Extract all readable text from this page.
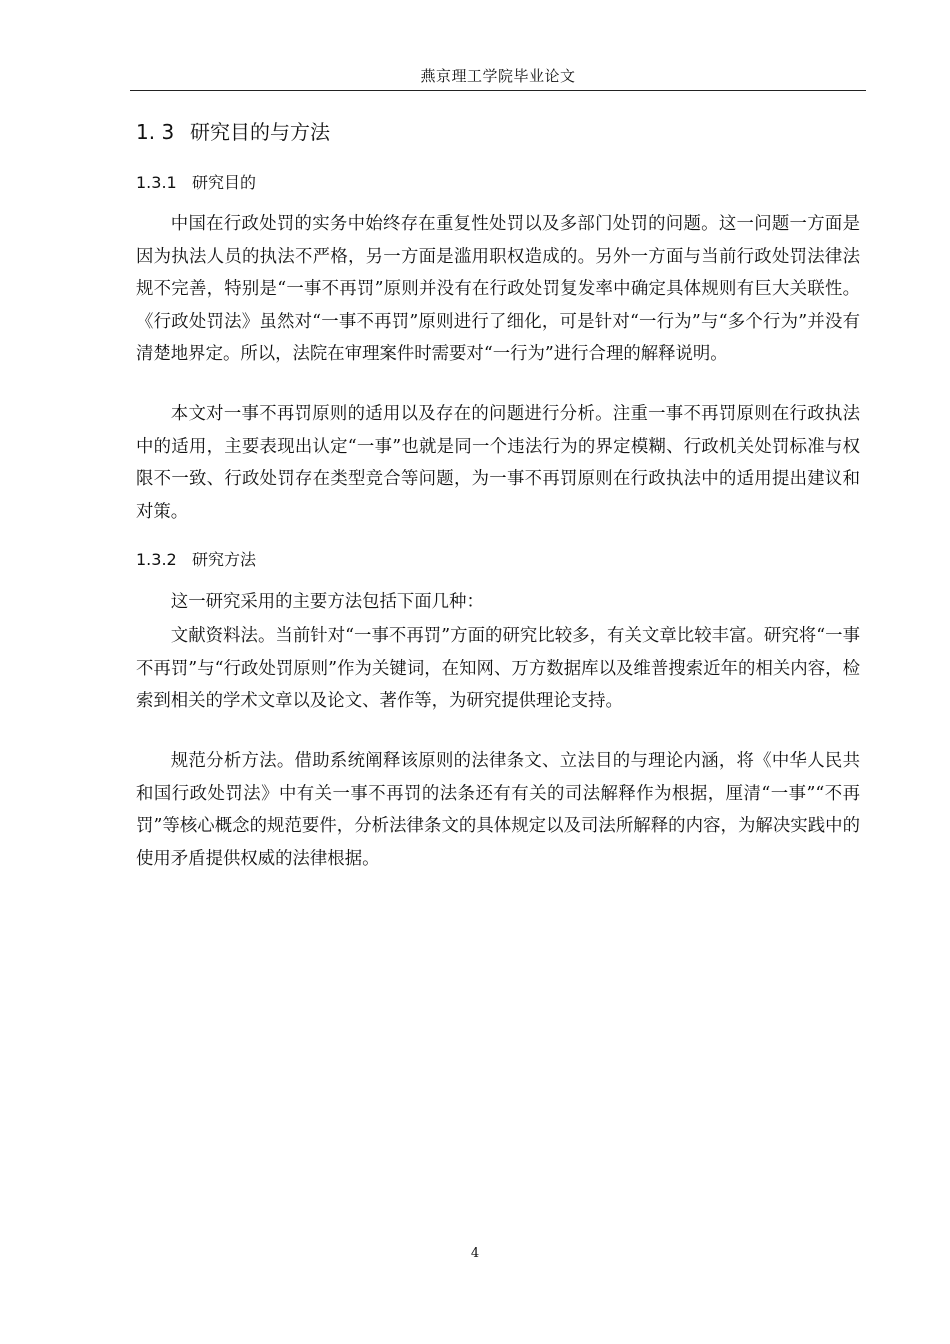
燕京理工学院毕业论文
1. 3 研究目的与方法
1.3.1 研究目的

中国在行政处罚的实务中始终存在重复性处罚以及多部门处罚的问题。这一问题一方面是因为执法人员的执法不严格，另一方面是滥用职权造成的。另外一方面与当前行政处罚法律法规不完善，特别是“一事不再罚”原则并没有在行政处罚复发率中确定具体规则有巨大关联性。《行政处罚法》虽然对“一事不再罚”原则进行了细化，可是针对“一行为”与“多个行为”并没有清楚地界定。所以，法院在审理案件时需要对“一行为”进行合理的解释说明。

本文对一事不再罚原则的适用以及存在的问题进行分析。注重一事不再罚原则在行政执法中的适用，主要表现出认定“一事”也就是同一个违法行为的界定模糊、行政机关处罚标准与权限不一致、行政处罚存在类型竞合等问题，为一事不再罚原则在行政执法中的适用提出建议和对策。

1.3.2 研究方法

这一研究采用的主要方法包括下面几种：

文献资料法。当前针对“一事不再罚”方面的研究比较多，有关文章比较丰富。研究将“一事不再罚”与“行政处罚原则”作为关键词，在知网、万方数据库以及维普搜索近年的相关内容，检索到相关的学术文章以及论文、著作等，为研究提供理论支持。

规范分析方法。借助系统阐释该原则的法律条文、立法目的与理论内涵，将《中华人民共和国行政处罚法》中有关一事不再罚的法条还有有关的司法解释作为根据，厘清“一事”“不再罚”等核心概念的规范要件，分析法律条文的具体规定以及司法所解释的内容，为解决实践中的使用矛盾提供权威的法律根据。

4
